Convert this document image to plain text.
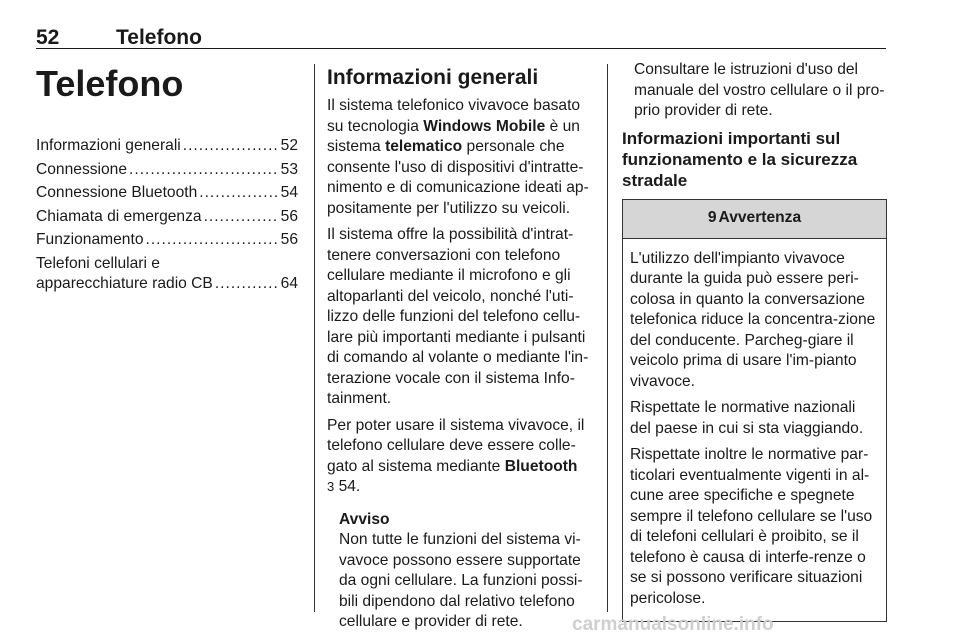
52	Telefono
Telefono
Informazioni generali .....	52
Connessione .....	53
Connessione Bluetooth .....	54
Chiamata di emergenza .....	56
Funzionamento .....	56
Telefoni cellulari e
apparecchiature radio CB .....	64
Informazioni generali

Il sistema telefonico vivavoce basato su tecnologia Windows Mobile è un sistema telematico personale che consente l'uso di dispositivi d'intratte-nimento e di comunicazione ideati ap-positamente per l'utilizzo su veicoli.

Il sistema offre la possibilità d'intrat-tenere conversazioni con telefono cellulare mediante il microfono e gli altoparlanti del veicolo, nonché l'uti-lizzo delle funzioni del telefono cellu-lare più importanti mediante i pulsanti di comando al volante o mediante l'in-terazione vocale con il sistema Info-tainment.

Per poter usare il sistema vivavoce, il telefono cellulare deve essere colle-gato al sistema mediante Bluetooth
3 54.

Avviso
Non tutte le funzioni del sistema vi-vavoce possono essere supportate da ogni cellulare. La funzioni possi-bili dipendono dal relativo telefono cellulare e provider di rete.

Consultare le istruzioni d'uso del manuale del vostro cellulare o il pro-prio provider di rete.

Informazioni importanti sul funzionamento e la sicurezza stradale
9 Avvertenza

L'utilizzo dell'impianto vivavoce durante la guida può essere peri-colosa in quanto la conversazione telefonica riduce la concentra-zione del conducente. Parcheg-giare il veicolo prima di usare l'im-pianto vivavoce.

Rispettate le normative nazionali del paese in cui si sta viaggiando.

Rispettate inoltre le normative par-ticolari eventualmente vigenti in al-cune aree specifiche e spegnete sempre il telefono cellulare se l'uso di telefoni cellulari è proibito, se il telefono è causa di interfe-renze o se si possono verificare situazioni pericolose.

carmanualsonline.info
